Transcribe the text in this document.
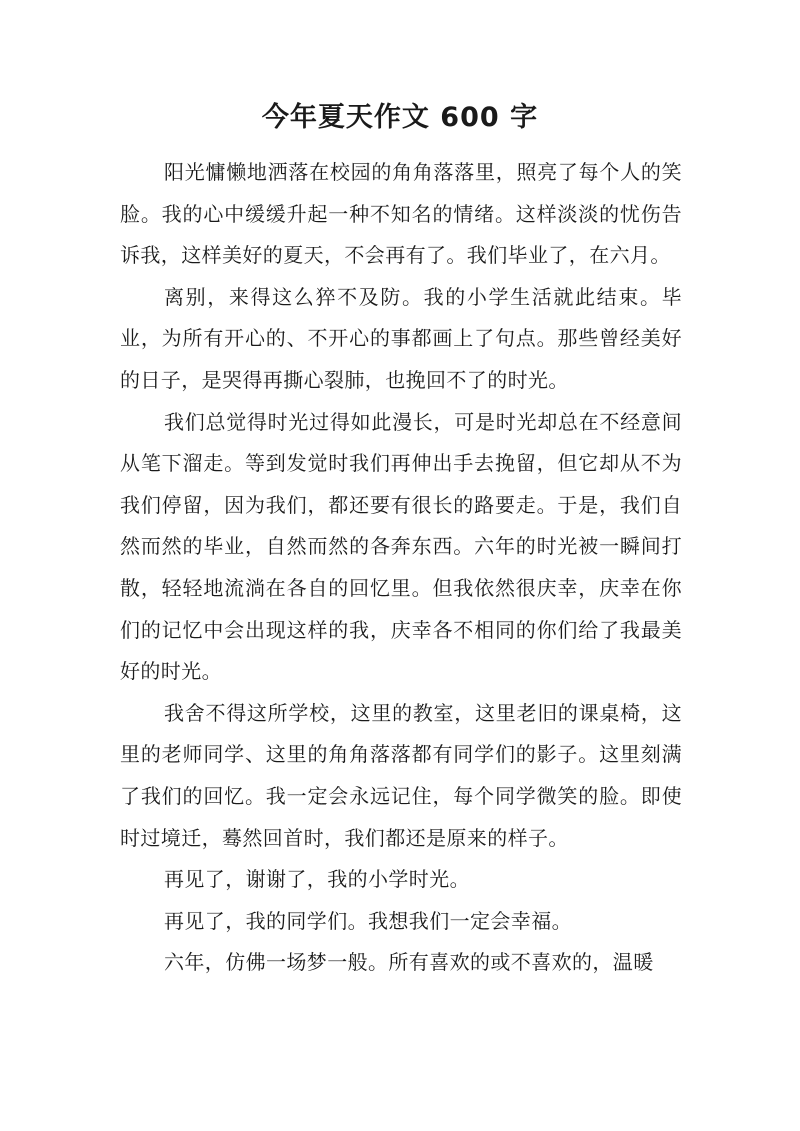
今年夏天作文 600 字

阳光慵懒地洒落在校园的角角落落里，照亮了每个人的笑脸。我的心中缓缓升起一种不知名的情绪。这样淡淡的忧伤告诉我，这样美好的夏天，不会再有了。我们毕业了，在六月。

离别，来得这么猝不及防。我的小学生活就此结束。毕业，为所有开心的、不开心的事都画上了句点。那些曾经美好的日子，是哭得再撕心裂肺，也挽回不了的时光。

我们总觉得时光过得如此漫长，可是时光却总在不经意间从笔下溜走。等到发觉时我们再伸出手去挽留，但它却从不为我们停留，因为我们，都还要有很长的路要走。于是，我们自然而然的毕业，自然而然的各奔东西。六年的时光被一瞬间打散，轻轻地流淌在各自的回忆里。但我依然很庆幸，庆幸在你们的记忆中会出现这样的我，庆幸各不相同的你们给了我最美好的时光。

我舍不得这所学校，这里的教室，这里老旧的课桌椅，这里的老师同学、这里的角角落落都有同学们的影子。这里刻满了我们的回忆。我一定会永远记住，每个同学微笑的脸。即使时过境迁，蓦然回首时，我们都还是原来的样子。

再见了，谢谢了，我的小学时光。

再见了，我的同学们。我想我们一定会幸福。

六年，仿佛一场梦一般。所有喜欢的或不喜欢的，温暖
